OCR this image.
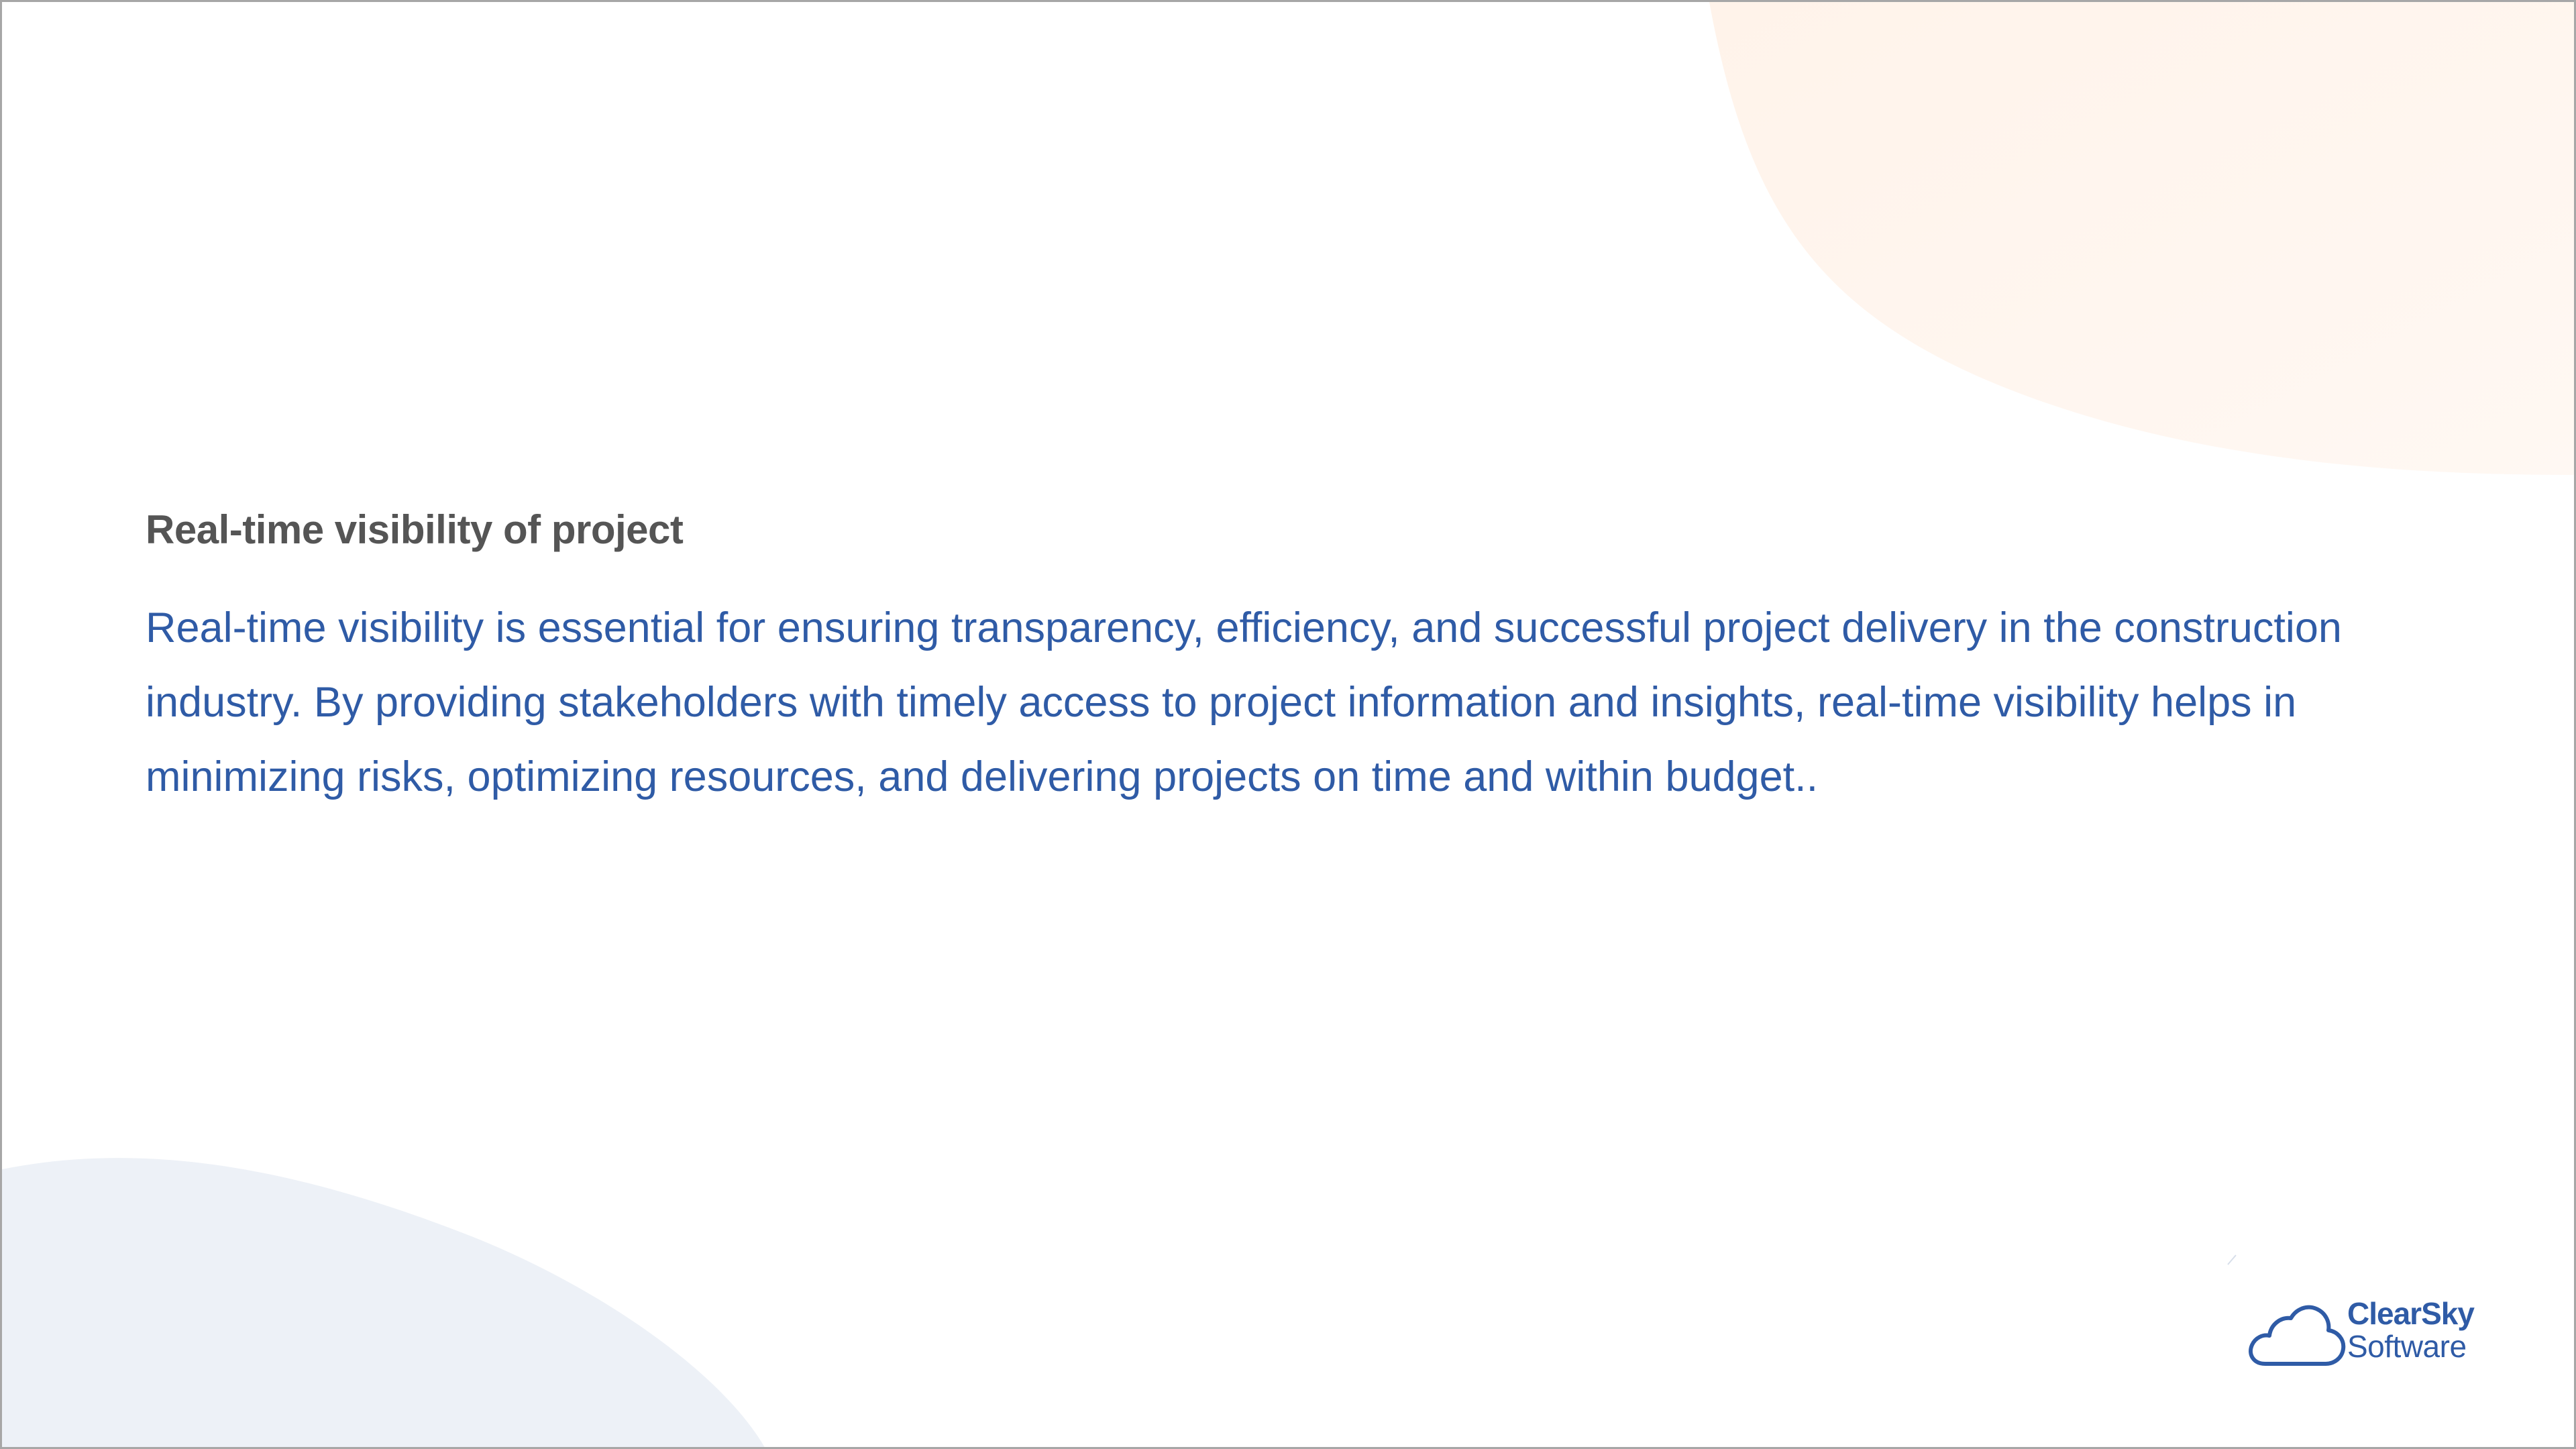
Real-time visibility of project

Real-time visibility is essential for ensuring transparency, efficiency, and successful project delivery in the construction industry. By providing stakeholders with timely access to project information and insights, real-time visibility helps in minimizing risks, optimizing resources, and delivering projects on time and within budget..

ClearSky
Software
